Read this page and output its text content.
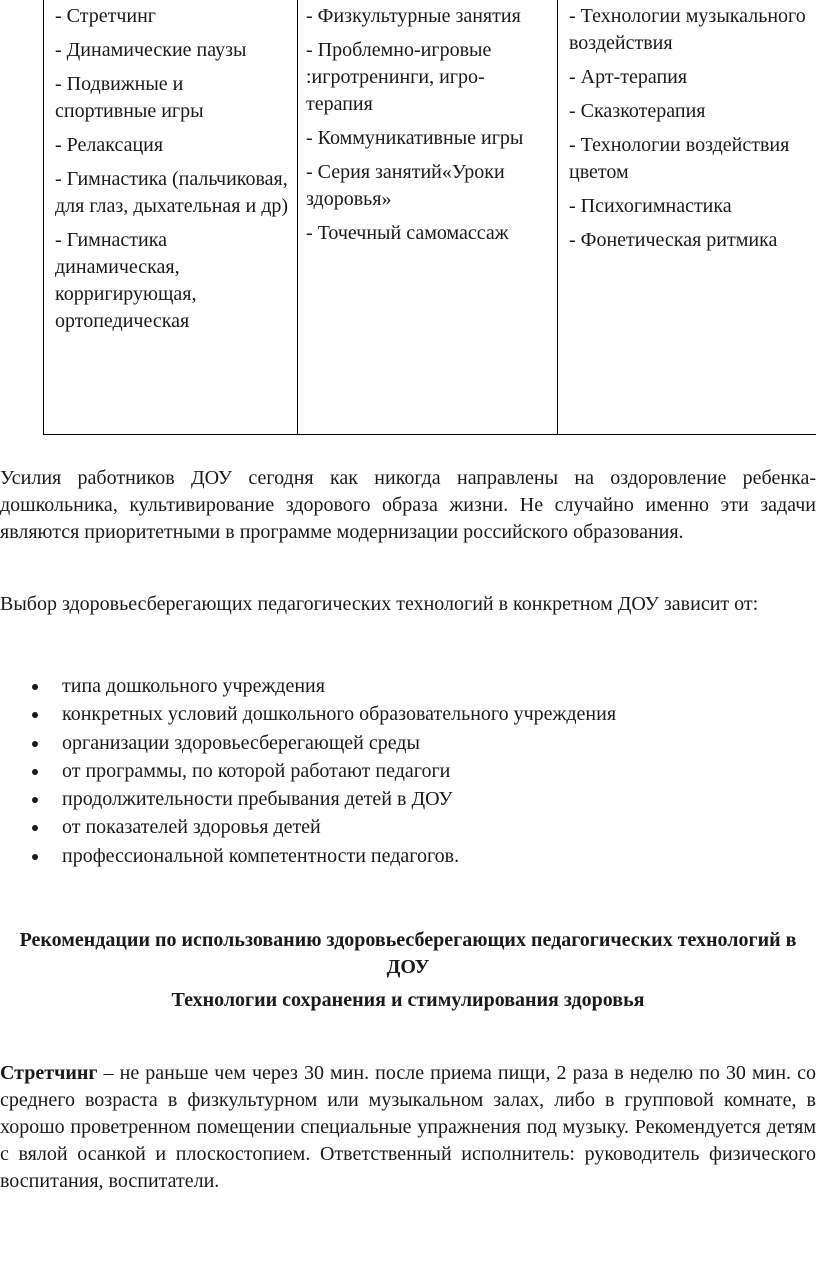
- Стретчинг
- Динамические паузы
- Подвижные и спортивные игры
- Релаксация
- Гимнастика (пальчиковая, для глаз, дыхательная и др)
- Гимнастика динамическая, корригирующая, ортопедическая

- Физкультурные занятия
- Проблемно-игровые :игротренинги, игро-терапия
- Коммуникативные игры
- Серия занятий«Уроки здоровья»
- Точечный самомассаж

- Технологии музыкального воздействия
- Арт-терапия
- Сказкотерапия
- Технологии воздействия цветом
- Психогимнастика
- Фонетическая ритмика

Усилия работников ДОУ сегодня как никогда направлены на оздоровление ребенка-дошкольника, культивирование здорового образа жизни. Не случайно именно эти задачи являются приоритетными в программе модернизации российского образования.

Выбор здоровьесберегающих педагогических технологий в конкретном ДОУ зависит от:

типа дошкольного учреждения
конкретных условий дошкольного образовательного учреждения
организации здоровьесберегающей среды
от программы, по которой работают педагоги
продолжительности пребывания детей в ДОУ
от показателей здоровья детей
профессиональной компетентности педагогов.
Рекомендации по использованию здоровьесберегающих педагогических технологий в ДОУ
Технологии сохранения и стимулирования здоровья

Стретчинг – не раньше чем через 30 мин. после приема пищи, 2 раза в неделю по 30 мин. со среднего возраста в физкультурном или музыкальном залах, либо в групповой комнате, в хорошо проветренном помещении специальные упражнения под музыку. Рекомендуется детям с вялой осанкой и плоскостопием. Ответственный исполнитель: руководитель физического воспитания, воспитатели.
